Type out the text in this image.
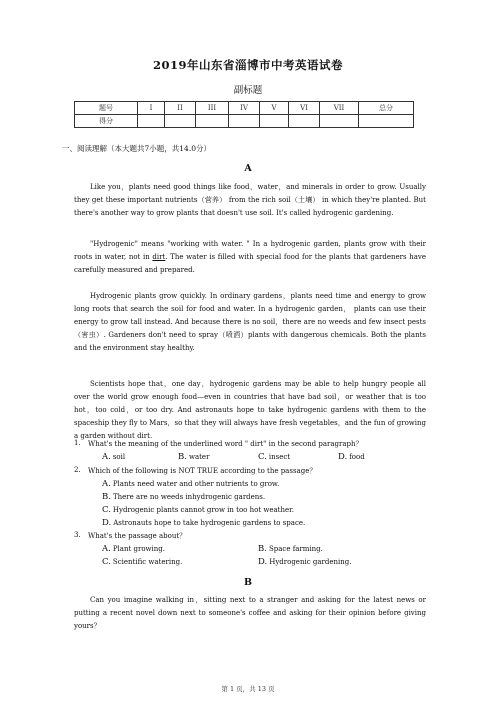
2019年山东省淄博市中考英语试卷
副标题
题号	I	II	III	IV	V	VI	VII	总分
得分								
一、阅读理解（本大题共7小题，共14.0分）
A

Like you，plants need good things like food，water，and minerals in order to grow. Usually they get these important nutrients（营养） from the rich soil（土壤） in which they're planted. But there's another way to grow plants that doesn't use soil. It's called hydrogenic gardening.

"Hydrogenic" means "working with water. " In a hydrogenic garden, plants grow with their roots in water, not in dirt. The water is filled with special food for the plants that gardeners have carefully measured and prepared.

Hydrogenic plants grow quickly. In ordinary gardens，plants need time and energy to grow long roots that search the soil for food and water. In a hydrogenic garden， plants can use their energy to grow tall instead. And because there is no soil，there are no weeds and few insect pests（害虫）. Gardeners don't need to spray（喷洒）plants with dangerous chemicals. Both the plants and the environment stay healthy.

Scientists hope that，one day，hydrogenic gardens may be able to help hungry people all over the world grow enough food—even in countries that have bad soil，or weather that is too hot，too cold，or too dry. And astronauts hope to take hydrogenic gardens with them to the spaceship they fly to Mars，so that they will always have fresh vegetables，and the fun of growing a garden without dirt.

1. What's the meaning of the underlined word " dirt" in the second paragraph？
A. soil	B. water	C. insect	D. food
2. Which of the following is NOT TRUE according to the passage？
A. Plants need water and other nutrients to grow.
B. There are no weeds inhydrogenic gardens.
C. Hydrogenic plants cannot grow in too hot weather.
D. Astronauts hope to take hydrogenic gardens to space.
3. What's the passage about？
A. Plant growing.	B. Space farming.
C. Scientific watering.	D. Hydrogenic gardening.
B

Can you imagine walking in，sitting next to a stranger and asking for the latest news or putting a recent novel down next to someone's coffee and asking for their opinion before giving yours？

第 1 页，共 13 页
